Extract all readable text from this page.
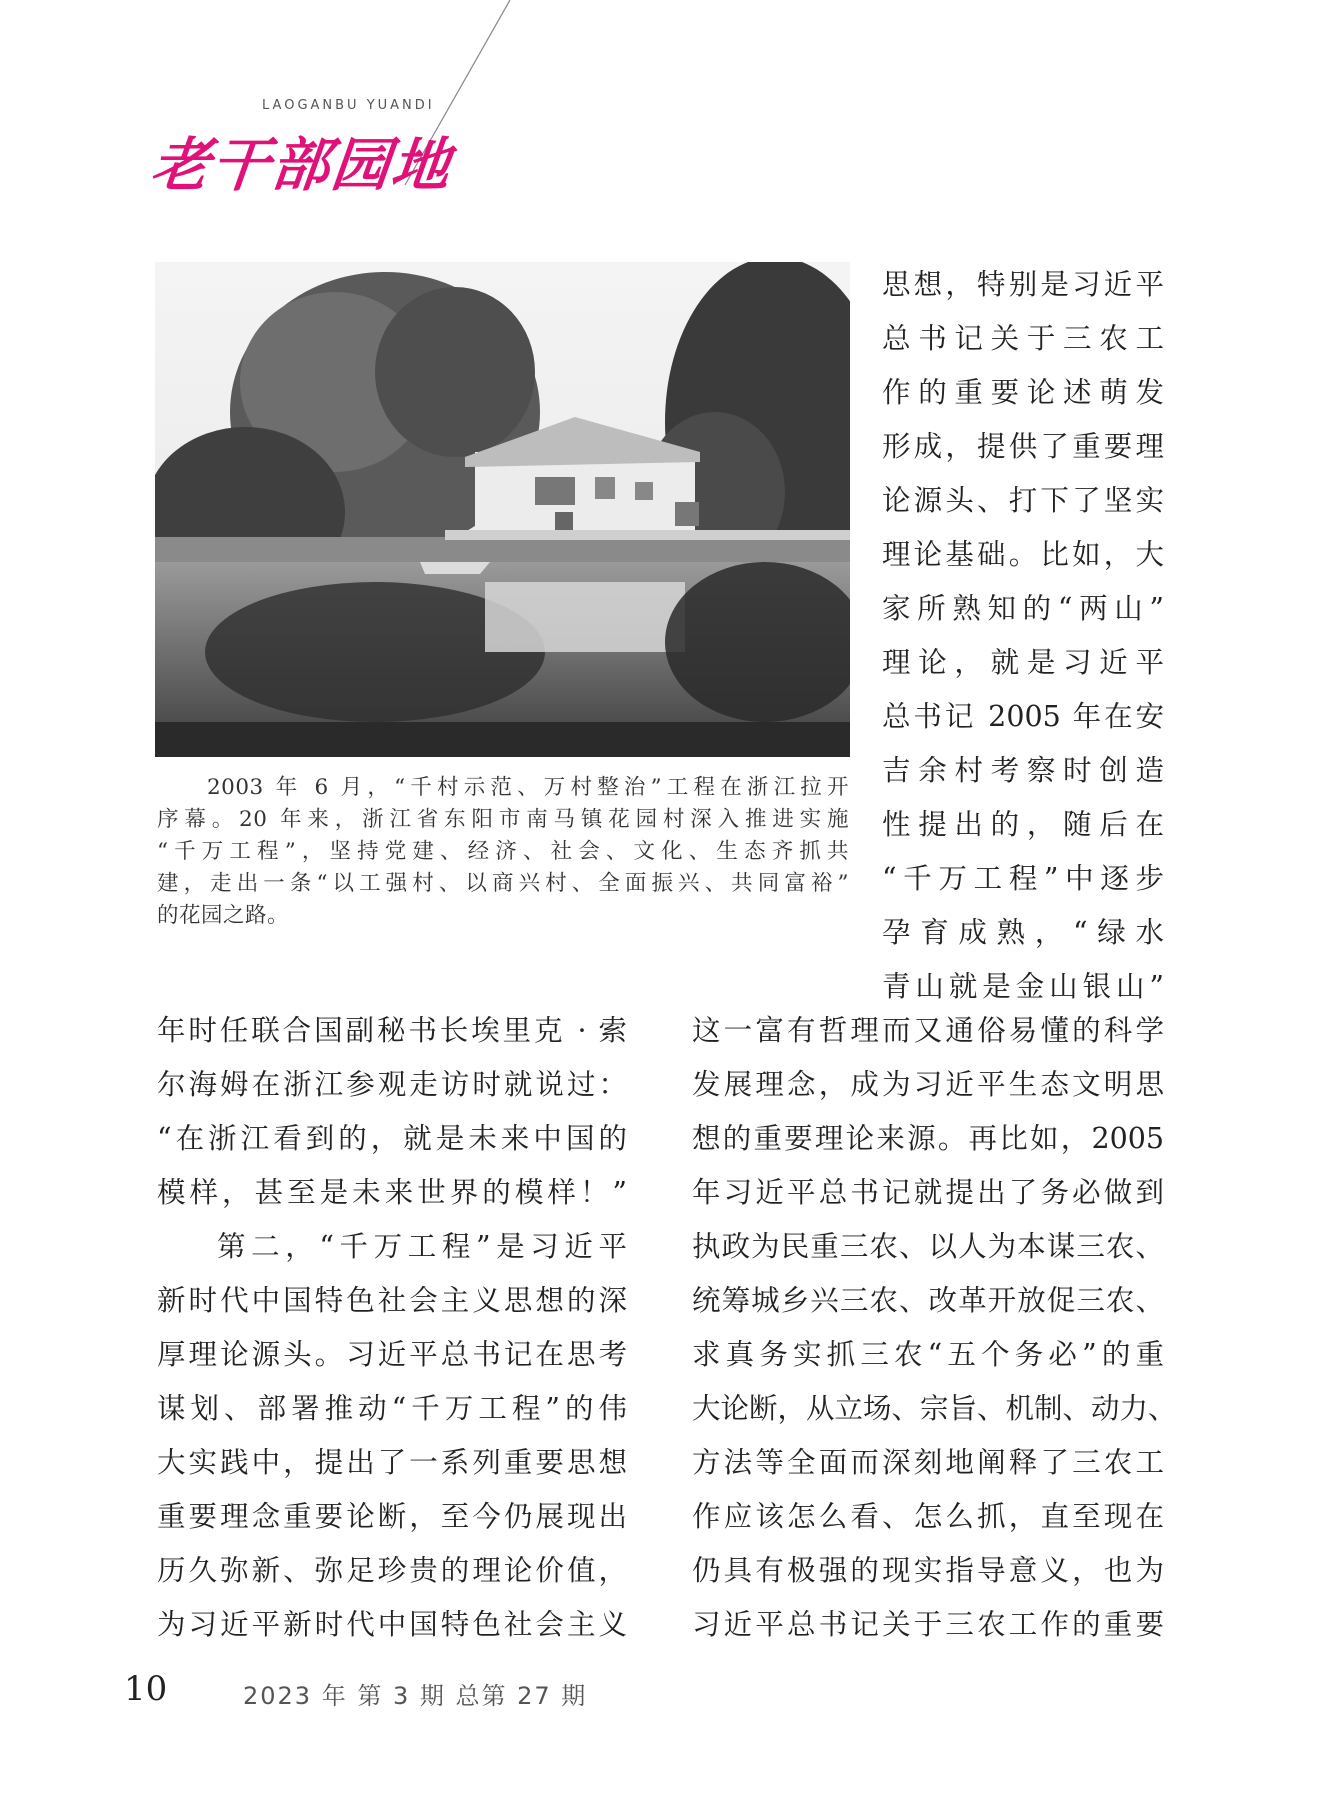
LAOGANBU YUANDI
老干部园地
2003 年 6 月，“千村示范、万村整治”工程在浙江拉开
序幕。20 年来，浙江省东阳市南马镇花园村深入推进实施
“千万工程”，坚持党建、经济、社会、文化、生态齐抓共
建，走出一条“以工强村、以商兴村、全面振兴、共同富裕”
的花园之路。
思想，特别是习近平
总书记关于三农工
作的重要论述萌发
形成，提供了重要理
论源头、打下了坚实
理论基础。比如，大
家所熟知的“两山”
理论，就是习近平
总书记 2005 年在安
吉余村考察时创造
性提出的，随后在
“千万工程”中逐步
孕育成熟，“绿水
青山就是金山银山”
年时任联合国副秘书长埃里克 · 索
尔海姆在浙江参观走访时就说过：
“在浙江看到的，就是未来中国的
模样，甚至是未来世界的模样！”
第二，“千万工程”是习近平
新时代中国特色社会主义思想的深
厚理论源头。习近平总书记在思考
谋划、部署推动“千万工程”的伟
大实践中，提出了一系列重要思想
重要理念重要论断，至今仍展现出
历久弥新、弥足珍贵的理论价值，
为习近平新时代中国特色社会主义
这一富有哲理而又通俗易懂的科学
发展理念，成为习近平生态文明思
想的重要理论来源。再比如，2005
年习近平总书记就提出了务必做到
执政为民重三农、以人为本谋三农、
统筹城乡兴三农、改革开放促三农、
求真务实抓三农“五个务必”的重
大论断，从立场、宗旨、机制、动力、
方法等全面而深刻地阐释了三农工
作应该怎么看、怎么抓，直至现在
仍具有极强的现实指导意义，也为
习近平总书记关于三农工作的重要
10	2023 年 第 3 期 总第 27 期
